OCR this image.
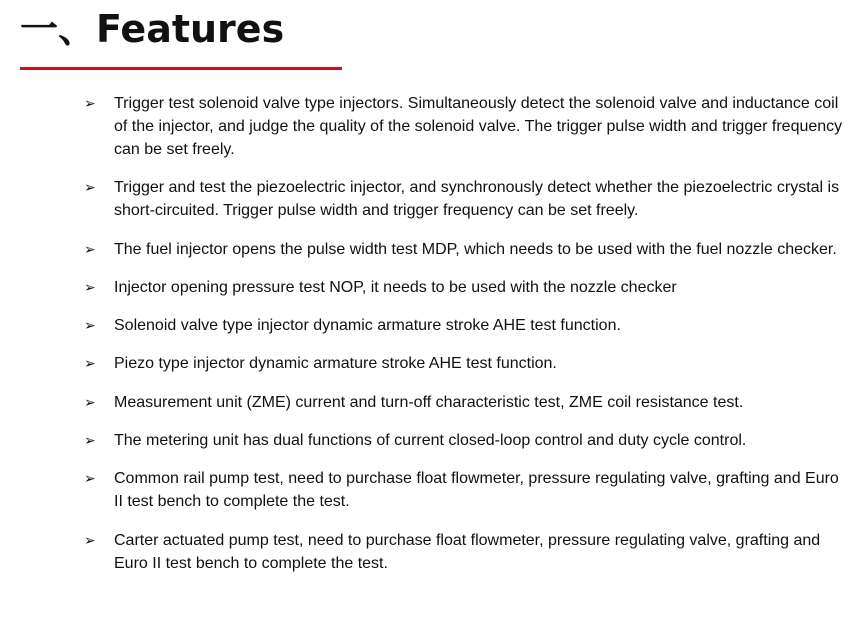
一、Features
➢ Trigger test solenoid valve type injectors. Simultaneously detect the solenoid valve and inductance coil of the injector, and judge the quality of the solenoid valve. The trigger pulse width and trigger frequency can be set freely.
➢ Trigger and test the piezoelectric injector, and synchronously detect whether the piezoelectric crystal is short-circuited. Trigger pulse width and trigger frequency can be set freely.
➢ The fuel injector opens the pulse width test MDP, which needs to be used with the fuel nozzle checker.
➢ Injector opening pressure test NOP, it needs to be used with the nozzle checker
➢ Solenoid valve type injector dynamic armature stroke AHE test function.
➢ Piezo type injector dynamic armature stroke AHE test function.
➢ Measurement unit (ZME) current and turn-off characteristic test, ZME coil resistance test.
➢ The metering unit has dual functions of current closed-loop control and duty cycle control.
➢ Common rail pump test, need to purchase float flowmeter, pressure regulating valve, grafting and Euro II test bench to complete the test.
➢ Carter actuated pump test, need to purchase float flowmeter, pressure regulating valve, grafting and Euro II test bench to complete the test.
